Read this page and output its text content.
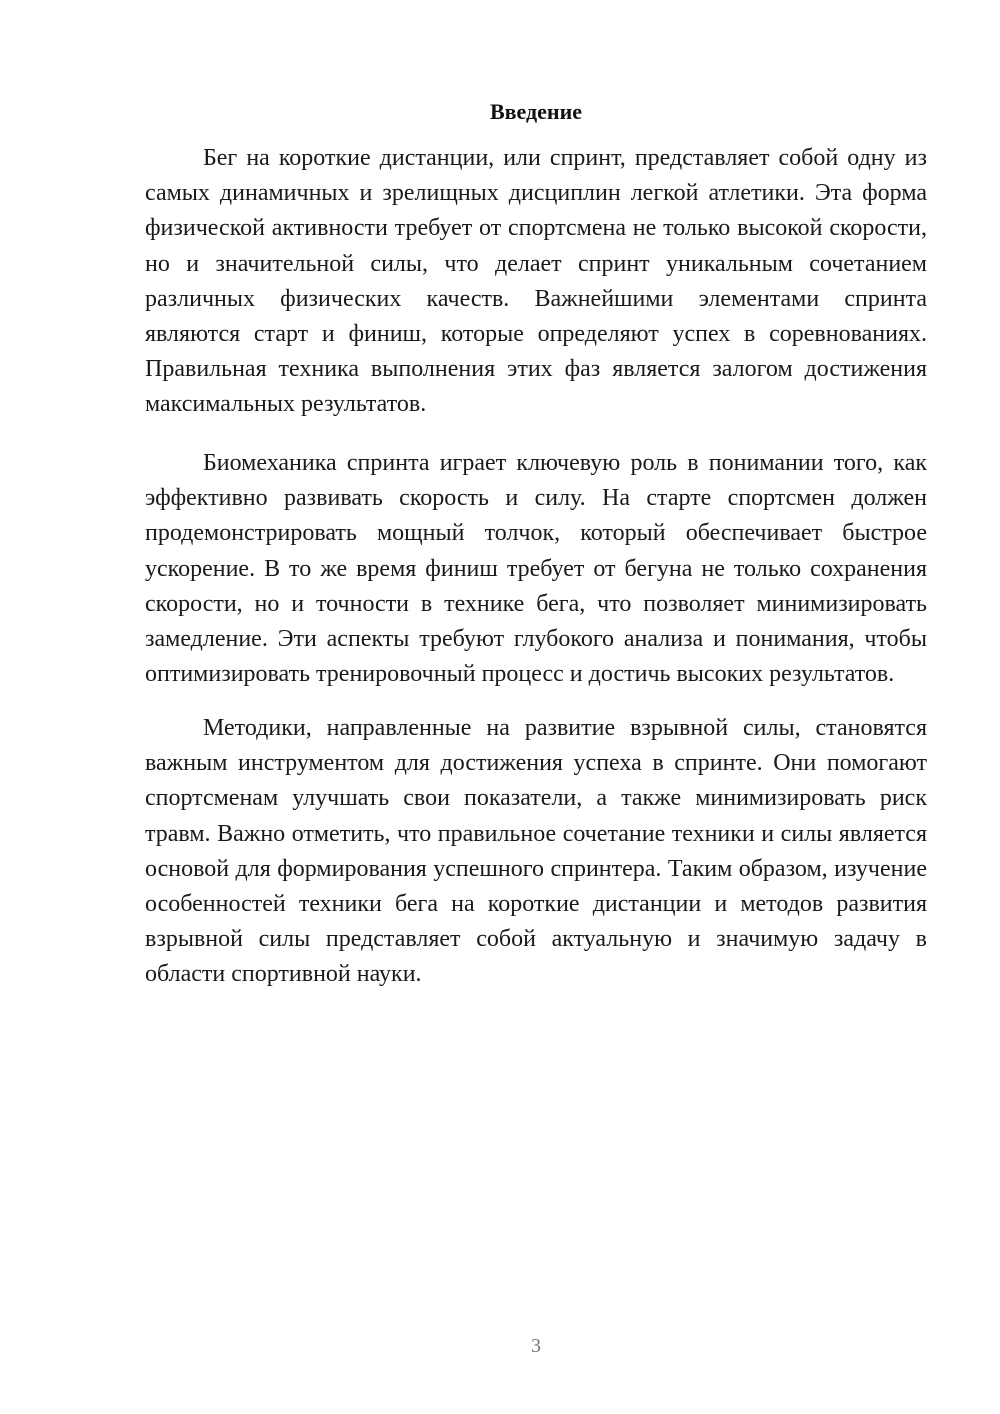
Введение

Бег на короткие дистанции, или спринт, представляет собой одну из самых динамичных и зрелищных дисциплин легкой атлетики. Эта форма физической активности требует от спортсмена не только высокой скорости, но и значительной силы, что делает спринт уникальным сочетанием различных физических качеств. Важнейшими элементами спринта являются старт и финиш, которые определяют успех в соревнованиях. Правильная техника выполнения этих фаз является залогом достижения максимальных результатов.

Биомеханика спринта играет ключевую роль в понимании того, как эффективно развивать скорость и силу. На старте спортсмен должен продемонстрировать мощный толчок, который обеспечивает быстрое ускорение. В то же время финиш требует от бегуна не только сохранения скорости, но и точности в технике бега, что позволяет минимизировать замедление. Эти аспекты требуют глубокого анализа и понимания, чтобы оптимизировать тренировочный процесс и достичь высоких результатов.

Методики, направленные на развитие взрывной силы, становятся важным инструментом для достижения успеха в спринте. Они помогают спортсменам улучшать свои показатели, а также минимизировать риск травм. Важно отметить, что правильное сочетание техники и силы является основой для формирования успешного спринтера. Таким образом, изучение особенностей техники бега на короткие дистанции и методов развития взрывной силы представляет собой актуальную и значимую задачу в области спортивной науки.

3
